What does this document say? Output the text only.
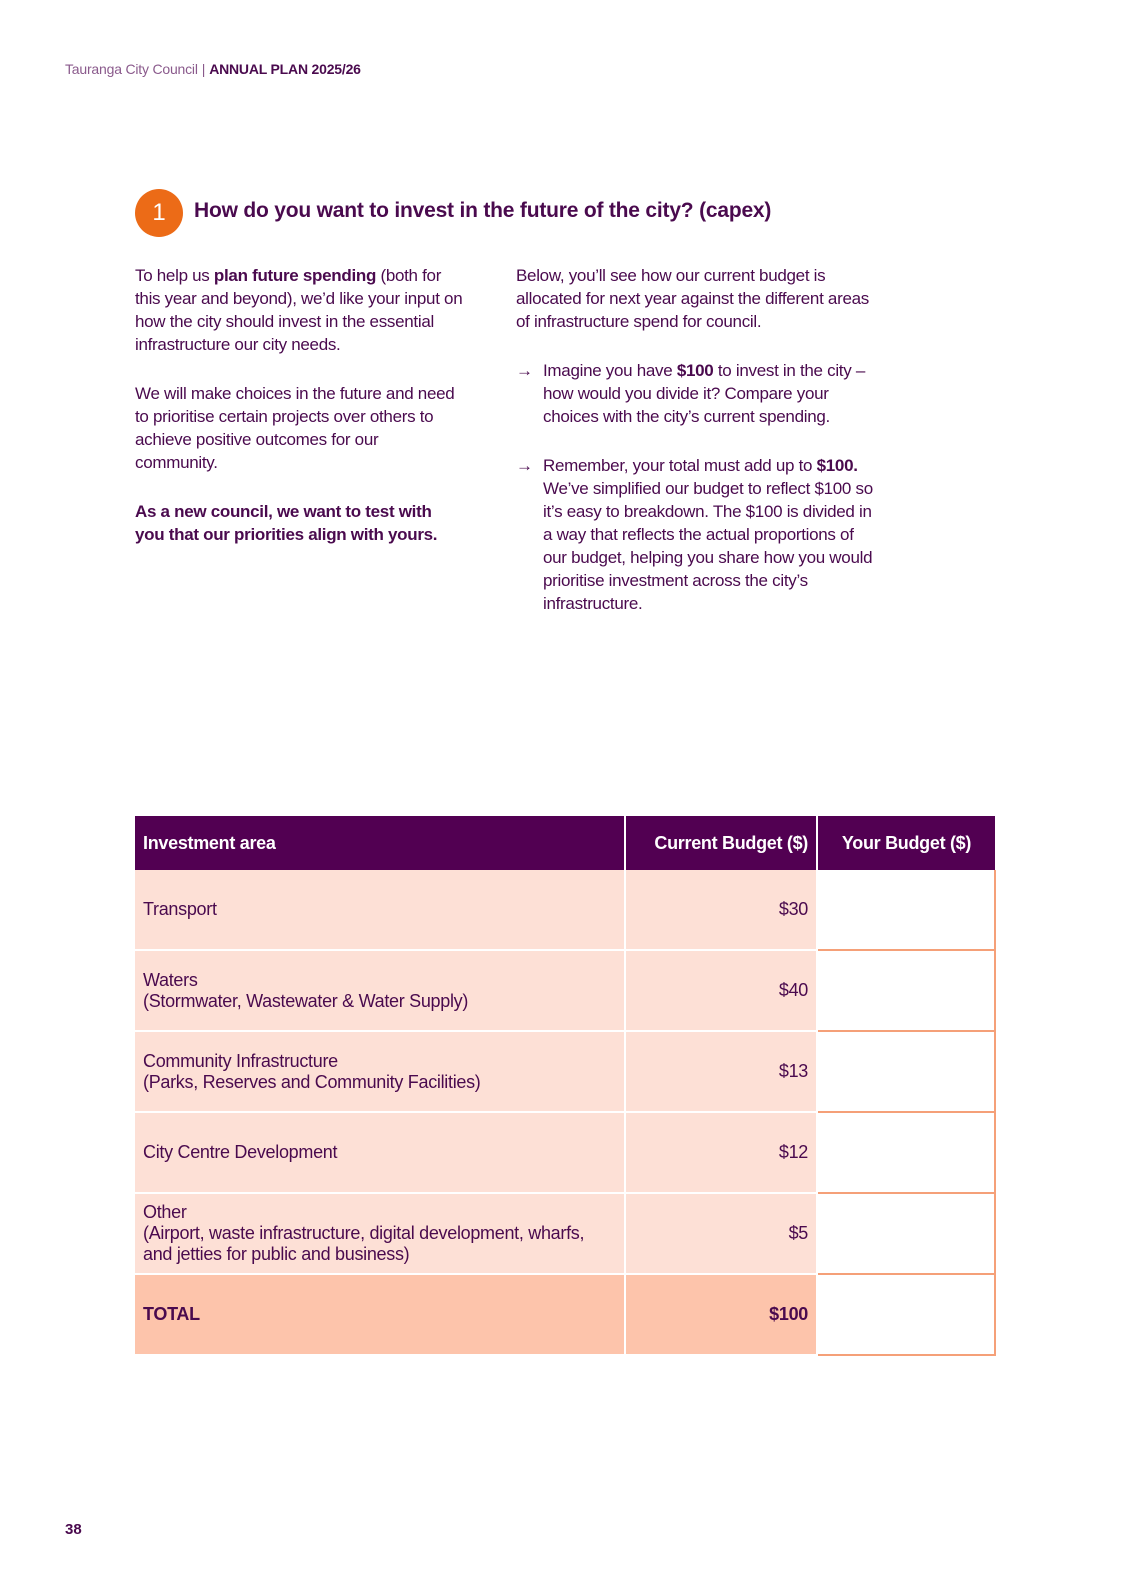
Tauranga City Council | ANNUAL PLAN 2025/26
1	How do you want to invest in the future of the city? (capex)

To help us plan future spending (both for this year and beyond), we’d like your input on how the city should invest in the essential infrastructure our city needs.

We will make choices in the future and need to prioritise certain projects over others to achieve positive outcomes for our community.

As a new council, we want to test with you that our priorities align with yours.

Below, you’ll see how our current budget is allocated for next year against the different areas of infrastructure spend for council.

→ Imagine you have $100 to invest in the city – how would you divide it? Compare your choices with the city’s current spending.
→ Remember, your total must add up to $100. We’ve simplified our budget to reflect $100 so it’s easy to breakdown. The $100 is divided in a way that reflects the actual proportions of our budget, helping you share how you would prioritise investment across the city’s infrastructure.
Investment area	Current Budget ($)	Your Budget ($)

Transport	$30	

Waters
(Stormwater, Wastewater & Water Supply)	$40	

Community Infrastructure
(Parks, Reserves and Community Facilities)	$13	

City Centre Development	$12	

Other
(Airport, waste infrastructure, digital development, wharfs, and jetties for public and business)	$5	
TOTAL	$100	
38
